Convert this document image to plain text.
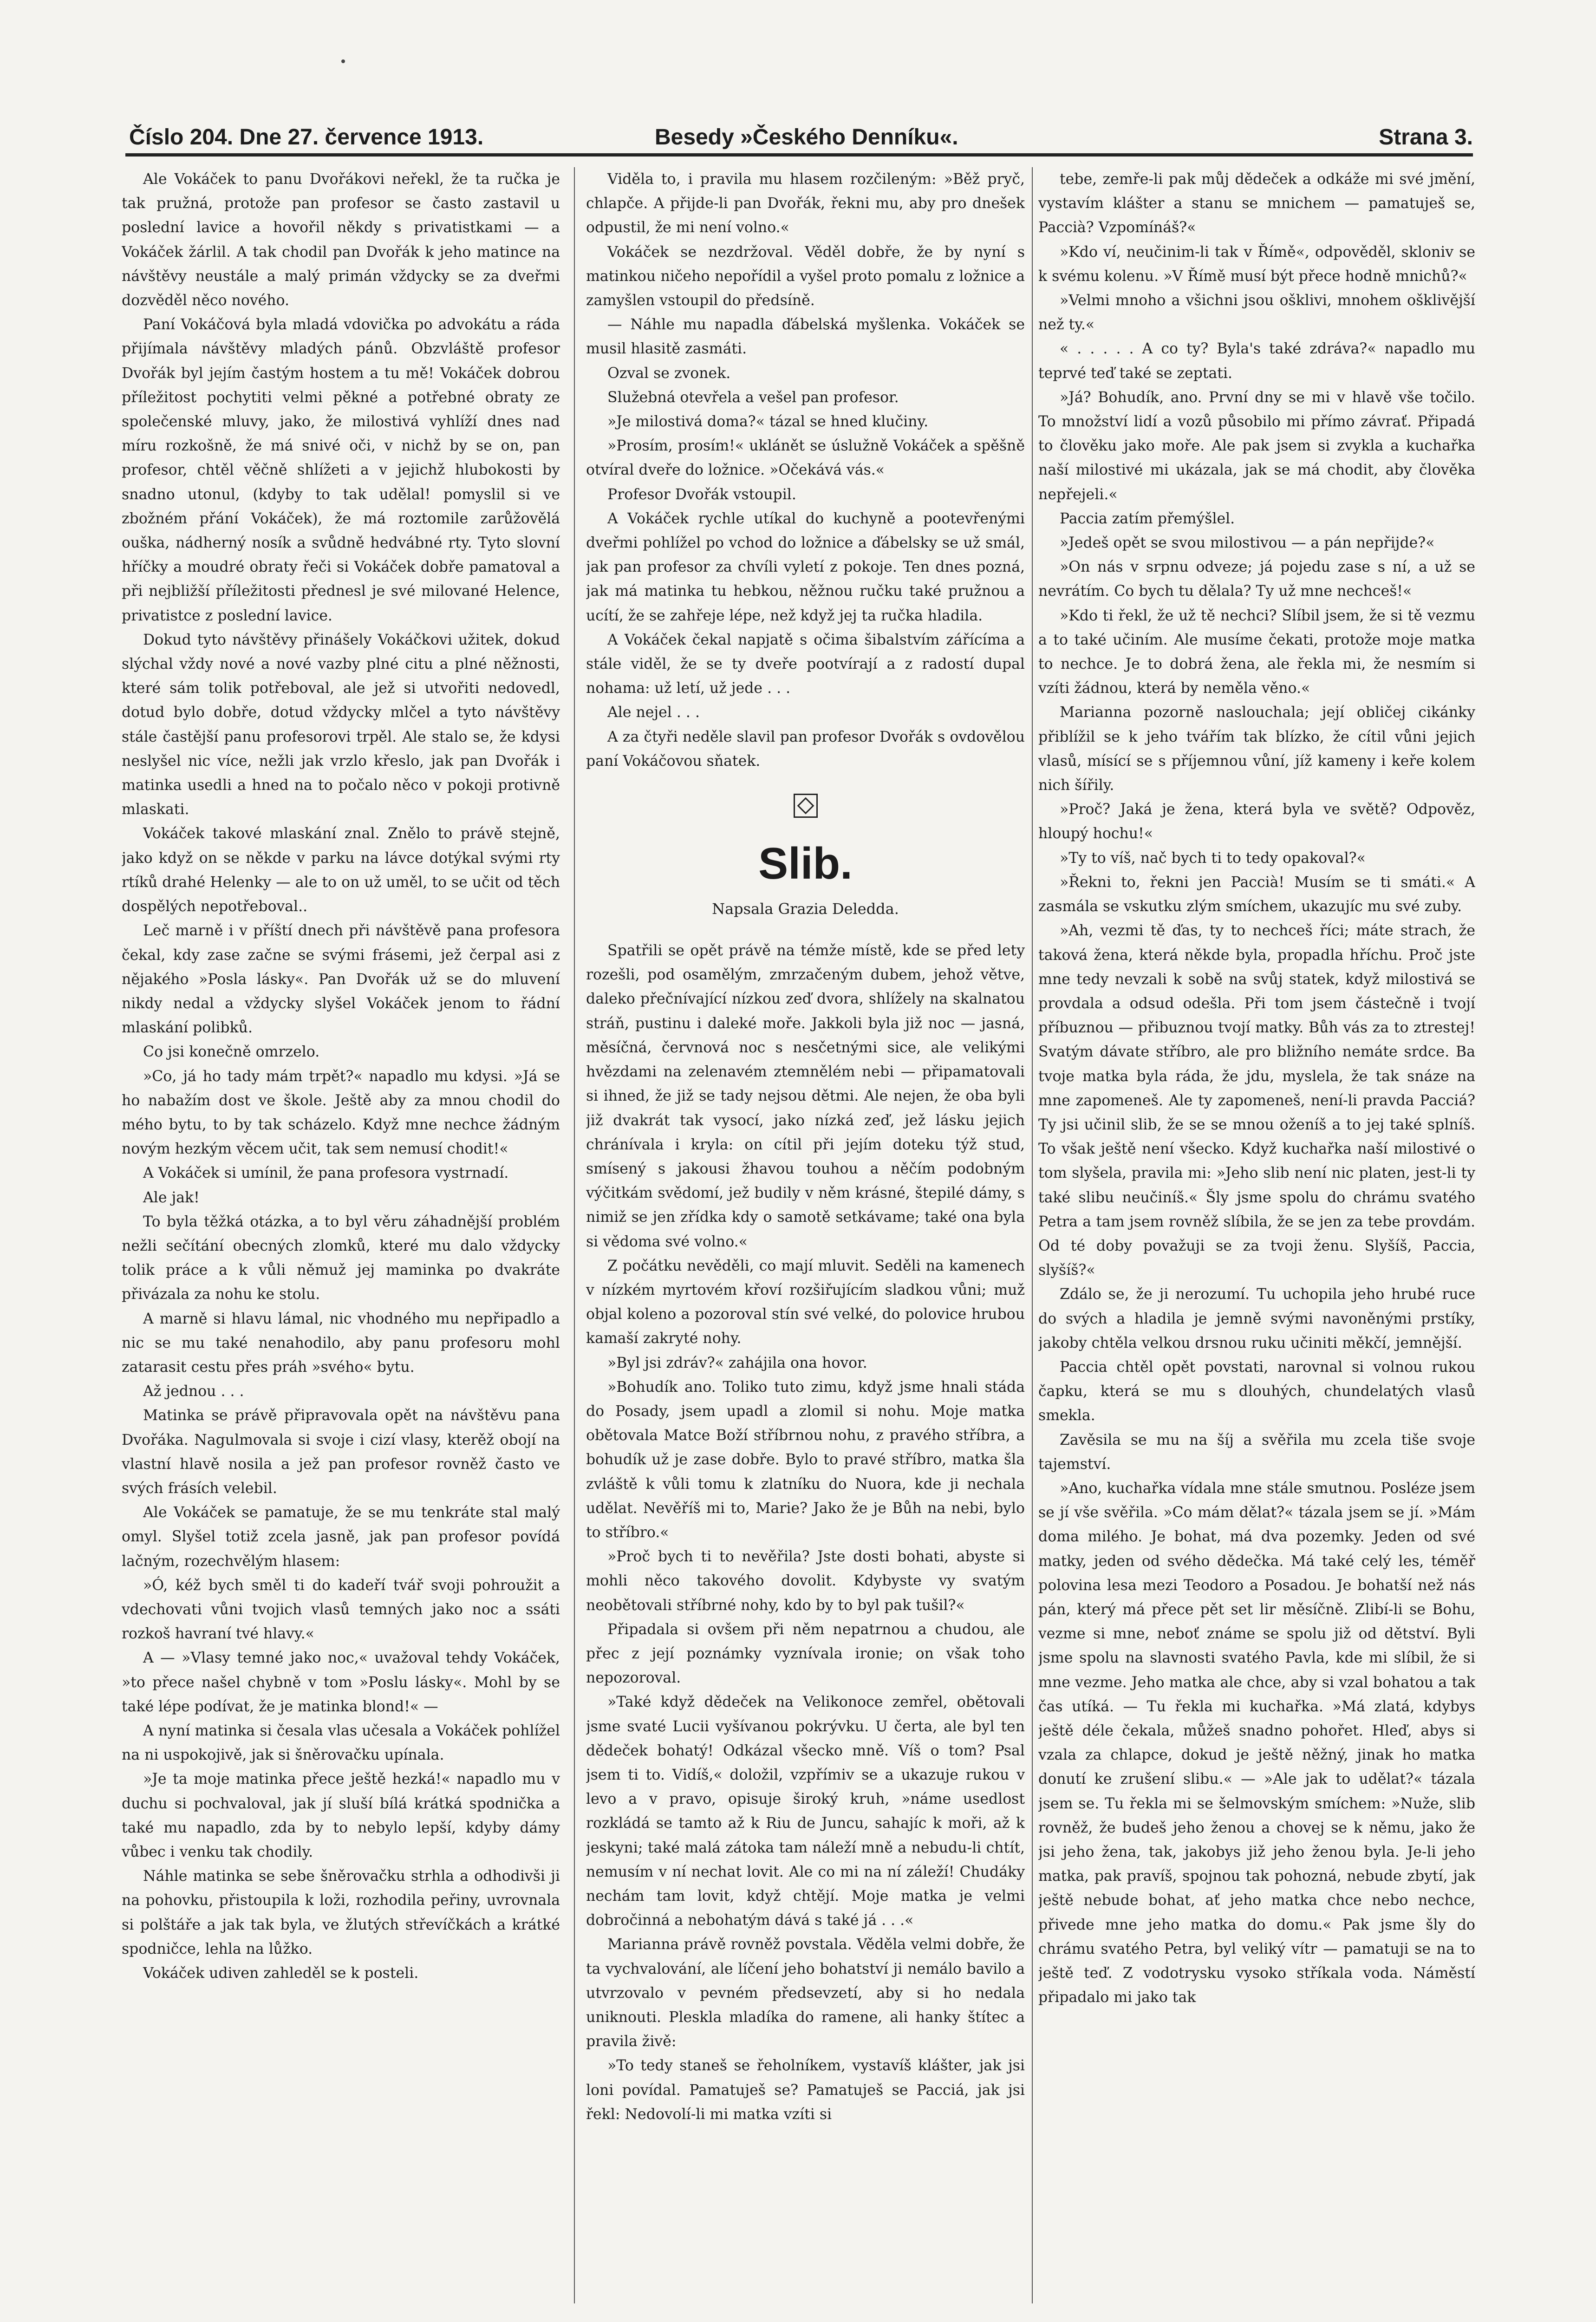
Číslo 204. Dne 27. července 1913.	Besedy »Českého Denníku«.	Strana 3.

Ale Vokáček to panu Dvořákovi neřekl, že ta ručka je tak pružná, protože pan profesor se často zastavil u poslední lavice a hovořil někdy s privatistkami — a Vokáček žárlil. A tak chodil pan Dvořák k jeho matince na návštěvy neustále a malý primán vždycky se za dveřmi dozvěděl něco nového.

Paní Vokáčová byla mladá vdovička po advokátu a ráda přijímala návštěvy mladých pánů. Obzvláště profesor Dvořák byl jejím častým hostem a tu mě! Vokáček dobrou příležitost pochytiti velmi pěkné a potřebné obraty ze společenské mluvy, jako, že milostivá vyhlíží dnes nad míru rozkošně, že má snivé oči, v nichž by se on, pan profesor, chtěl věčně shlížeti a v jejichž hlubokosti by snadno utonul, (kdyby to tak udělal! pomyslil si ve zbožném přání Vokáček), že má roztomile zarůžovělá ouška, nádherný nosík a svůdně hedvábné rty. Tyto slovní hříčky a moudré obraty řeči si Vokáček dobře pamatoval a při nejbližší příležitosti přednesl je své milované Helence, privatistce z poslední lavice.

Dokud tyto návštěvy přinášely Vokáčkovi užitek, dokud slýchal vždy nové a nové vazby plné citu a plné něžnosti, které sám tolik potřeboval, ale jež si utvořiti nedovedl, dotud bylo dobře, dotud vždycky mlčel a tyto návštěvy stále častější panu profesorovi trpěl. Ale stalo se, že kdysi neslyšel nic více, nežli jak vrzlo křeslo, jak pan Dvořák i matinka usedli a hned na to počalo něco v pokoji protivně mlaskati.

Vokáček takové mlaskání znal. Znělo to právě stejně, jako když on se někde v parku na lávce dotýkal svými rty rtíků drahé Helenky — ale to on už uměl, to se učit od těch dospělých nepotřeboval..

Leč marně i v příští dnech při návštěvě pana profesora čekal, kdy zase začne se svými frásemi, jež čerpal asi z nějakého »Posla lásky«. Pan Dvořák už se do mluvení nikdy nedal a vždycky slyšel Vokáček jenom to řádní mlaskání polibků.

Co jsi konečně omrzelo.

»Co, já ho tady mám trpět?« napadlo mu kdysi. »Já se ho nabažím dost ve škole. Ještě aby za mnou chodil do mého bytu, to by tak scházelo. Když mne nechce žádným novým hezkým věcem učit, tak sem nemusí chodit!«

A Vokáček si umínil, že pana profesora vystrnadí.

Ale jak!

To byla těžká otázka, a to byl věru záhadnější problém nežli sečítání obecných zlomků, které mu dalo vždycky tolik práce a k vůli němuž jej maminka po dvakráte přivázala za nohu ke stolu.

A marně si hlavu lámal, nic vhodného mu nepřipadlo a nic se mu také nenahodilo, aby panu profesoru mohl zatarasit cestu přes práh »svého« bytu.

Až jednou . . .

Matinka se právě připravovala opět na návštěvu pana Dvořáka. Nagulmovala si svoje i cizí vlasy, kterěž obojí na vlastní hlavě nosila a jež pan profesor rovněž často ve svých frásích velebil.

Ale Vokáček se pamatuje, že se mu tenkráte stal malý omyl. Slyšel totiž zcela jasně, jak pan profesor povídá lačným, rozechvělým hlasem:

»Ó, kéž bych směl ti do kadeří tvář svoji pohroužit a vdechovati vůni tvojich vlasů temných jako noc a ssáti rozkoš havraní tvé hlavy.«

A — »Vlasy temné jako noc,« uvažoval tehdy Vokáček, »to přece našel chybně v tom »Poslu lásky«. Mohl by se také lépe podívat, že je matinka blond!« —

A nyní matinka si česala vlas učesala a Vokáček pohlížel na ni uspokojivě, jak si šněrovačku upínala.

»Je ta moje matinka přece ještě hezká!« napadlo mu v duchu si pochvaloval, jak jí sluší bílá krátká spodnička a také mu napadlo, zda by to nebylo lepší, kdyby dámy vůbec i venku tak chodily.

Náhle matinka se sebe šněrovačku strhla a odhodivši ji na pohovku, přistoupila k loži, rozhodila peřiny, uvrovnala si polštáře a jak tak byla, ve žlutých střevíčkách a krátké spodničce, lehla na lůžko.

Vokáček udiven zahleděl se k posteli.

Viděla to, i pravila mu hlasem rozčileným: »Běž pryč, chlapče. A přijde-li pan Dvořák, řekni mu, aby pro dnešek odpustil, že mi není volno.«

Vokáček se nezdržoval. Věděl dobře, že by nyní s matinkou ničeho nepořídil a vyšel proto pomalu z ložnice a zamyšlen vstoupil do předsíně.

— Náhle mu napadla ďábelská myšlenka. Vokáček se musil hlasitě zasmáti.

Ozval se zvonek.

Služebná otevřela a vešel pan profesor.

»Je milostivá doma?« tázal se hned klučiny.

»Prosím, prosím!« uklánět se úslužně Vokáček a spěšně otvíral dveře do ložnice. »Očekává vás.«

Profesor Dvořák vstoupil.

A Vokáček rychle utíkal do kuchyně a pootevřenými dveřmi pohlížel po vchod do ložnice a ďábelsky se už smál, jak pan profesor za chvíli vyletí z pokoje. Ten dnes pozná, jak má matinka tu hebkou, něžnou ručku také pružnou a ucítí, že se zahřeje lépe, než když jej ta ručka hladila.

A Vokáček čekal napjatě s očima šibalstvím zářícíma a stále viděl, že se ty dveře pootvírají a z radostí dupal nohama: už letí, už jede . . .

Ale nejel . . .

A za čtyři neděle slavil pan profesor Dvořák s ovdovělou paní Vokáčovou sňatek.

Slib.
Napsala Grazia Deledda.

Spatřili se opět právě na témže místě, kde se před lety rozešli, pod osamělým, zmrzačeným dubem, jehož větve, daleko přečnívající nízkou zeď dvora, shlížely na skalnatou stráň, pustinu i daleké moře. Jakkoli byla již noc — jasná, měsíčná, červnová noc s nesčetnými sice, ale velikými hvězdami na zelenavém ztemnělém nebi — připamatovali si ihned, že již se tady nejsou dětmi. Ale nejen, že oba byli již dvakrát tak vysocí, jako nízká zeď, jež lásku jejich chránívala i kryla: on cítil při jejím doteku týž stud, smísený s jakousi žhavou touhou a něčím podobným výčitkám svědomí, jež budily v něm krásné, štepilé dámy, s nimiž se jen zřídka kdy o samotě setkávame; také ona byla si vědoma své volno.«

Z počátku nevěděli, co mají mluvit. Seděli na kamenech v nízkém myrtovém křoví rozšiřujícím sladkou vůni; muž objal koleno a pozoroval stín své velké, do polovice hrubou kamaší zakryté nohy.

»Byl jsi zdráv?« zahájila ona hovor.

»Bohudík ano. Toliko tuto zimu, když jsme hnali stáda do Posady, jsem upadl a zlomil si nohu. Moje matka obětovala Matce Boží stříbrnou nohu, z pravého stříbra, a bohudík už je zase dobře. Bylo to pravé stříbro, matka šla zvláště k vůli tomu k zlatníku do Nuora, kde ji nechala udělat. Nevěříš mi to, Marie? Jako že je Bůh na nebi, bylo to stříbro.«

»Proč bych ti to nevěřila? Jste dosti bohati, abyste si mohli něco takového dovolit. Kdybyste vy svatým neobětovali stříbrné nohy, kdo by to byl pak tušil?«

Připadala si ovšem při něm nepatrnou a chudou, ale přec z její poznámky vyznívala ironie; on však toho nepozoroval.

»Také když dědeček na Velikonoce zemřel, obětovali jsme svaté Lucii vyšívanou pokrývku. U čerta, ale byl ten dědeček bohatý! Odkázal všecko mně. Víš o tom? Psal jsem ti to. Vidíš,« doložil, vzpřímiv se a ukazuje rukou v levo a v pravo, opisuje široký kruh, »náme usedlost rozkládá se tamto až k Riu de Juncu, sahajíc k moři, až k jeskyni; také malá zátoka tam náleží mně a nebudu-li chtít, nemusím v ní nechat lovit. Ale co mi na ní záleží! Chudáky nechám tam lovit, když chtějí. Moje matka je velmi dobročinná a nebohatým dává s také já . . .«

Marianna právě rovněž povstala. Věděla velmi dobře, že ta vychvalování, ale líčení jeho bohatství ji nemálo bavilo a utvrzovalo v pevném předsevzetí, aby si ho nedala uniknouti. Pleskla mladíka do ramene, ali hanky štítec a pravila živě:

»To tedy staneš se řeholníkem, vystavíš klášter, jak jsi loni povídal. Pamatuješ se? Pamatuješ se Pacciá, jak jsi řekl: Nedovolí-li mi matka vzíti si

tebe, zemře-li pak můj dědeček a odkáže mi své jmění, vystavím klášter a stanu se mnichem — pamatuješ se, Paccià? Vzpomínáš?«

»Kdo ví, neučinim-li tak v Římě«, odpověděl, skloniv se k svému kolenu. »V Římě musí být přece hodně mnichů?«

»Velmi mnoho a všichni jsou ošklivi, mnohem ošklivější než ty.«

« . . . . . A co ty? Byla's také zdráva?« napadlo mu teprvé teď také se zeptati.

»Já? Bohudík, ano. První dny se mi v hlavě vše točilo. To množství lidí a vozů působilo mi přímo závrať. Připadá to člověku jako moře. Ale pak jsem si zvykla a kuchařka naší milostivé mi ukázala, jak se má chodit, aby člověka nepřejeli.«

Paccia zatím přemýšlel.

»Jedeš opět se svou milostivou — a pán nepřijde?«

»On nás v srpnu odveze; já pojedu zase s ní, a už se nevrátím. Co bych tu dělala? Ty už mne nechceš!«

»Kdo ti řekl, že už tě nechci? Slíbil jsem, že si tě vezmu a to také učiním. Ale musíme čekati, protože moje matka to nechce. Je to dobrá žena, ale řekla mi, že nesmím si vzíti žádnou, která by neměla věno.«

Marianna pozorně naslouchala; její obličej cikánky přiblížil se k jeho tvářím tak blízko, že cítil vůni jejich vlasů, mísící se s příjemnou vůní, jíž kameny i keře kolem nich šířily.

»Proč? Jaká je žena, která byla ve světě? Odpověz, hloupý hochu!«

»Ty to víš, nač bych ti to tedy opakoval?«

»Řekni to, řekni jen Paccià! Musím se ti smáti.« A zasmála se vskutku zlým smíchem, ukazujíc mu své zuby.

»Ah, vezmi tě ďas, ty to nechceš říci; máte strach, že taková žena, která někde byla, propadla hříchu. Proč jste mne tedy nevzali k sobě na svůj statek, když milostivá se provdala a odsud odešla. Při tom jsem částečně i tvojí příbuznou — přibuznou tvojí matky. Bůh vás za to ztrestej! Svatým dávate stříbro, ale pro bližního nemáte srdce. Ba tvoje matka byla ráda, že jdu, myslela, že tak snáze na mne zapomeneš. Ale ty zapomeneš, není-li pravda Pacciá? Ty jsi učinil slib, že se se mnou oženíš a to jej také splníš. To však ještě není všecko. Když kuchařka naší milostivé o tom slyšela, pravila mi: »Jeho slib není nic platen, jest-li ty také slibu neučiníš.« Šly jsme spolu do chrámu svatého Petra a tam jsem rovněž slíbila, že se jen za tebe provdám. Od té doby považuji se za tvoji ženu. Slyšíš, Paccia, slyšíš?«

Zdálo se, že ji nerozumí. Tu uchopila jeho hrubé ruce do svých a hladila je jemně svými navoněnými prstíky, jakoby chtěla velkou drsnou ruku učiniti měkčí, jemnější.

Paccia chtěl opět povstati, narovnal si volnou rukou čapku, která se mu s dlouhých, chundelatých vlasů smekla.

Zavěsila se mu na šíj a svěřila mu zcela tiše svoje tajemství.

»Ano, kuchařka vídala mne stále smutnou. Posléze jsem se jí vše svěřila. »Co mám dělat?« tázala jsem se jí. »Mám doma milého. Je bohat, má dva pozemky. Jeden od své matky, jeden od svého dědečka. Má také celý les, téměř polovina lesa mezi Teodoro a Posadou. Je bohatší než nás pán, který má přece pět set lir měsíčně. Zlibí-li se Bohu, vezme si mne, neboť známe se spolu již od dětství. Byli jsme spolu na slavnosti svatého Pavla, kde mi slíbil, že si mne vezme. Jeho matka ale chce, aby si vzal bohatou a tak čas utíká. — Tu řekla mi kuchařka. »Má zlatá, kdybys ještě déle čekala, můžeš snadno pohořet. Hleď, abys si vzala za chlapce, dokud je ještě něžný, jinak ho matka donutí ke zrušení slibu.« — »Ale jak to udělat?« tázala jsem se. Tu řekla mi se šelmovským smíchem: »Nuže, slib rovněž, že budeš jeho ženou a chovej se k němu, jako že jsi jeho žena, tak, jakobys již jeho ženou byla. Je-li jeho matka, pak pravíš, spojnou tak pohozná, nebude zbytí, jak ještě nebude bohat, ať jeho matka chce nebo nechce, přivede mne jeho matka do domu.« Pak jsme šly do chrámu svatého Petra, byl veliký vítr — pamatuji se na to ještě teď. Z vodotrysku vysoko stříkala voda. Náměstí připadalo mi jako tak
